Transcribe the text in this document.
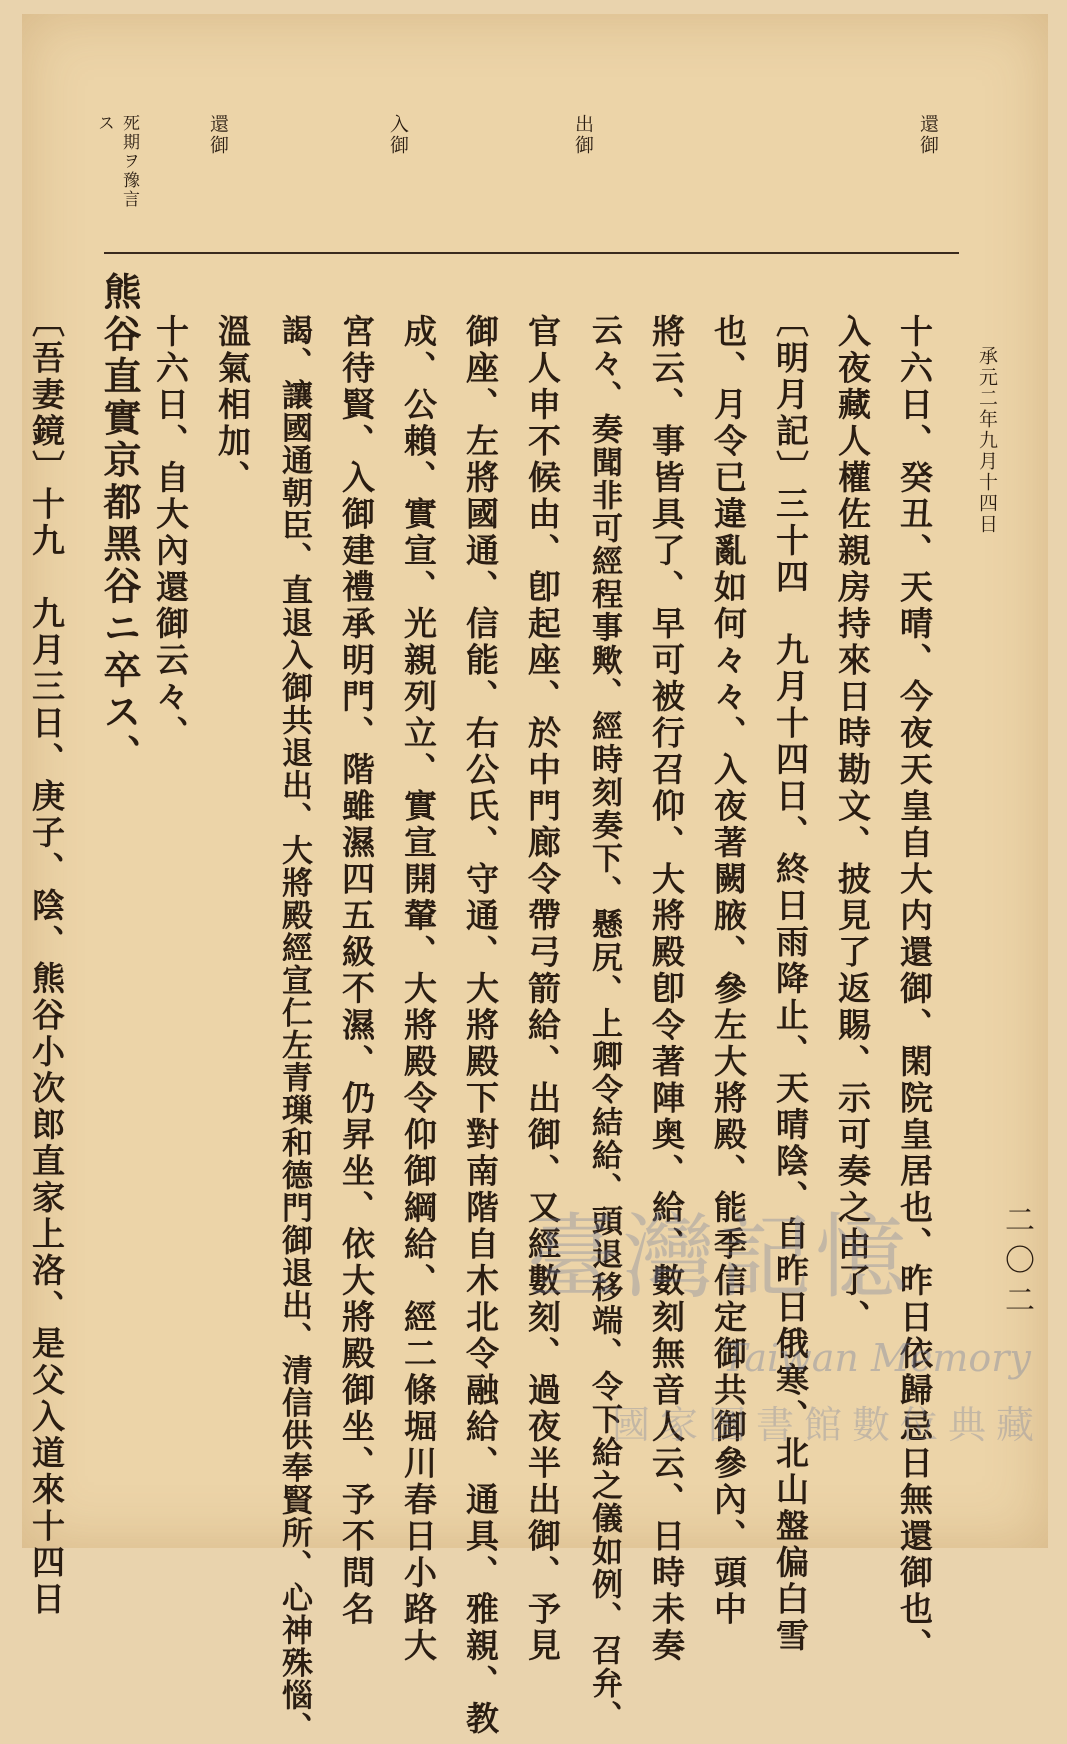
承元二年九月十四日
二〇二
還御
出御
入御
還御
死期ヲ豫言ス
十六日、癸丑、天晴、今夜天皇自大内還御、閑院皇居也、昨日依歸忌日無還御也、
入夜藏人權佐親房持來日時勘文、披見了返賜、示可奏之由了、
〔明月記〕三十四　九月十四日、終日雨降止、天晴陰、自昨日俄寒、北山盤偏白雪
也、月令已違亂如何々々、入夜著闕腋、參左大將殿、能季信定御共御參內、頭中
將云、事皆具了、早可被行召仰、大將殿卽令著陣奥、給、數刻無音人云、日時未奏
云々、奏聞非可經程事歟、經時刻奏下、懸尻、上卿令結給、頭退移端、令下給之儀如例、召弁、
官人申不候由、卽起座、於中門廊令帶弓箭給、出御、又經數刻、過夜半出御、予見
御座、左將國通、信能、右公氏、守通、大將殿下對南階自木北令融給、通具、雅親、教
成、公賴、實宣、光親列立、實宣開輦、大將殿令仰御綱給、經二條堀川春日小路大
宮待賢、入御建禮承明門、階雖濕四五級不濕、仍昇坐、依大將殿御坐、予不問名
謁、讓國通朝臣、直退入御共退出、大將殿經宣仁左青璅和德門御退出、清信供奉賢所、心神殊惱、
溫氣相加、
十六日、自大內還御云々、
熊谷直實京都黑谷ニ卒ス、
〔吾妻鏡〕十九　九月三日、庚子、陰、熊谷小次郎直家上洛、是父入道來十四日	臺灣記憶
Taiwan Memory
國家圖書館數位典藏
